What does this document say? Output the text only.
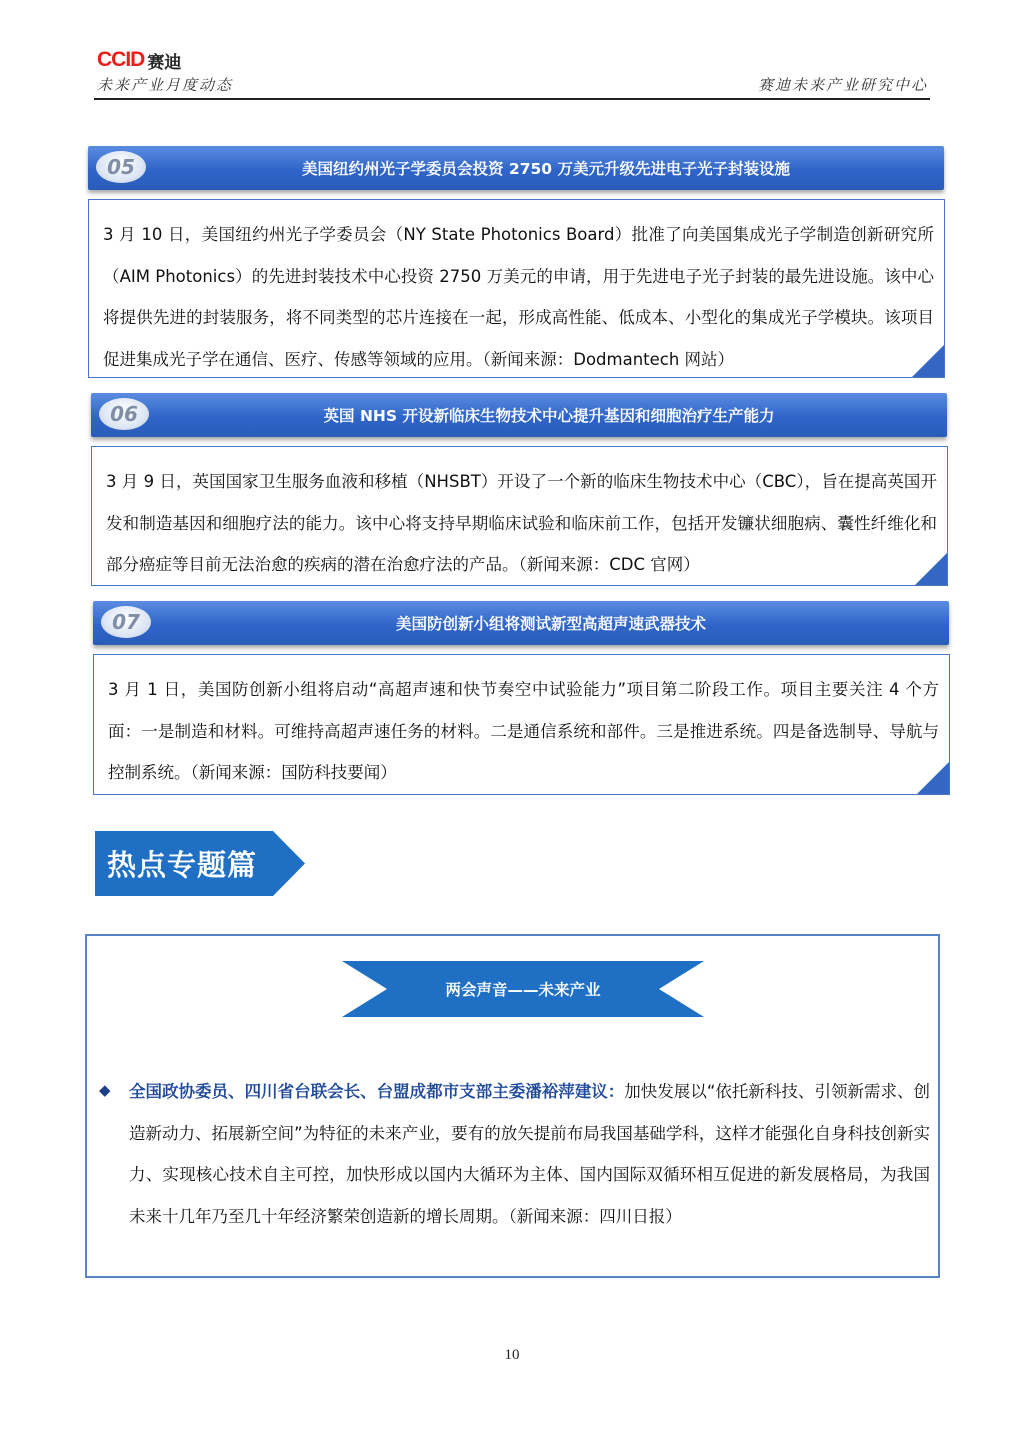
CCID 赛迪
未来产业月度动态	赛迪未来产业研究中心
05	美国纽约州光子学委员会投资 2750 万美元升级先进电子光子封装设施
3 月 10 日，美国纽约州光子学委员会（NY State Photonics Board）批准了向美国集成光子学制造创新研究所（AIM Photonics）的先进封装技术中心投资 2750 万美元的申请，用于先进电子光子封装的最先进设施。该中心将提供先进的封装服务，将不同类型的芯片连接在一起，形成高性能、低成本、小型化的集成光子学模块。该项目促进集成光子学在通信、医疗、传感等领域的应用。（新闻来源：Dodmantech 网站）
06	英国 NHS 开设新临床生物技术中心提升基因和细胞治疗生产能力
3 月 9 日，英国国家卫生服务血液和移植（NHSBT）开设了一个新的临床生物技术中心（CBC），旨在提高英国开发和制造基因和细胞疗法的能力。该中心将支持早期临床试验和临床前工作，包括开发镰状细胞病、囊性纤维化和部分癌症等目前无法治愈的疾病的潜在治愈疗法的产品。（新闻来源：CDC 官网）
07	美国防创新小组将测试新型高超声速武器技术
3 月 1 日，美国防创新小组将启动“高超声速和快节奏空中试验能力”项目第二阶段工作。项目主要关注 4 个方面：一是制造和材料。可维持高超声速任务的材料。二是通信系统和部件。三是推进系统。四是备选制导、导航与控制系统。（新闻来源：国防科技要闻）
热点专题篇
两会声音——未来产业
◆ 全国政协委员、四川省台联会长、台盟成都市支部主委潘裕萍建议：加快发展以“依托新科技、引领新需求、创造新动力、拓展新空间”为特征的未来产业，要有的放矢提前布局我国基础学科，这样才能强化自身科技创新实力、实现核心技术自主可控，加快形成以国内大循环为主体、国内国际双循环相互促进的新发展格局，为我国未来十几年乃至几十年经济繁荣创造新的增长周期。（新闻来源：四川日报）
10
